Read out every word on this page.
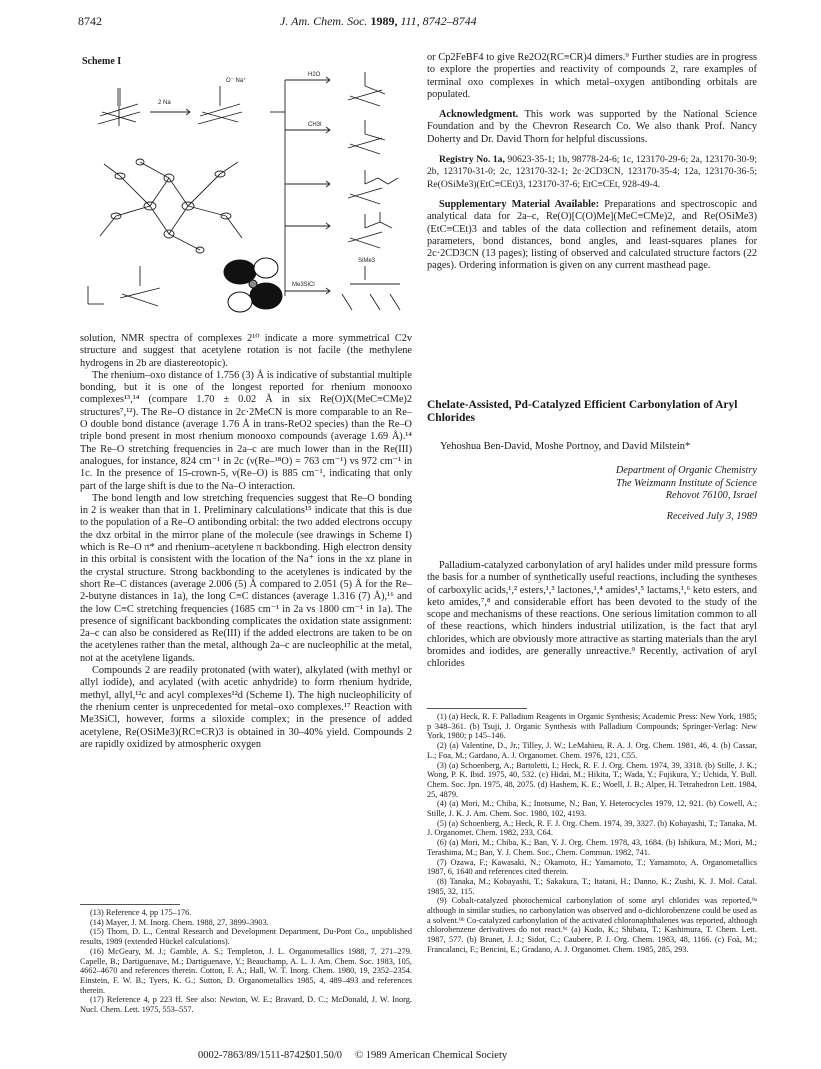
8742	J. Am. Chem. Soc. 1989, 111, 8742–8744
Scheme I
2 Na
O⁻ Na⁺
H2O
CH3I
Me3SiCl
SiMe3

solution, NMR spectra of complexes 2¹⁰ indicate a more symmetrical C2v structure and suggest that acetylene rotation is not facile (the methylene hydrogens in 2b are diastereotopic).

The rhenium–oxo distance of 1.756 (3) Å is indicative of substantial multiple bonding, but it is one of the longest reported for rhenium monooxo complexes¹³,¹⁴ (compare 1.70 ± 0.02 Å in six Re(O)X(MeC≡CMe)2 structures⁷,¹²). The Re–O distance in 2c·2MeCN is more comparable to an Re–O double bond distance (average 1.76 Å in trans-ReO2 species) than the Re–O triple bond present in most rhenium monooxo compounds (average 1.69 Å).¹⁴ The Re–O stretching frequencies in 2a–c are much lower than in the Re(III) analogues, for instance, 824 cm⁻¹ in 2c (ν(Re–¹⁸O) = 763 cm⁻¹) vs 972 cm⁻¹ in 1c. In the presence of 15-crown-5, ν(Re–O) is 885 cm⁻¹, indicating that only part of the large shift is due to the Na–O interaction.

The bond length and low stretching frequencies suggest that Re–O bonding in 2 is weaker than that in 1. Preliminary calculations¹⁵ indicate that this is due to the population of a Re–O antibonding orbital: the two added electrons occupy the dxz orbital in the mirror plane of the molecule (see drawings in Scheme I) which is Re–O π* and rhenium–acetylene π backbonding. High electron density in this orbital is consistent with the location of the Na⁺ ions in the xz plane in the crystal structure. Strong backbonding to the acetylenes is indicated by the short Re–C distances (average 2.006 (5) Å compared to 2.051 (5) Å for the Re–2-butyne distances in 1a), the long C≡C distances (average 1.316 (7) Å),¹⁶ and the low C≡C stretching frequencies (1685 cm⁻¹ in 2a vs 1800 cm⁻¹ in 1a). The presence of significant backbonding complicates the oxidation state assignment: 2a–c can also be considered as Re(III) if the added electrons are taken to be on the acetylenes rather than the metal, although 2a–c are nucleophilic at the metal, not at the acetylene ligands.

Compounds 2 are readily protonated (with water), alkylated (with methyl or allyl iodide), and acylated (with acetic anhydride) to form rhenium hydride, methyl, allyl,¹²c and acyl complexes¹²d (Scheme I). The high nucleophilicity of the rhenium center is unprecedented for metal–oxo complexes.¹⁷ Reaction with Me3SiCl, however, forms a siloxide complex; in the presence of added acetylene, Re(OSiMe3)(RC≡CR)3 is obtained in 30–40% yield. Compounds 2 are rapidly oxidized by atmospheric oxygen

(13) Reference 4, pp 175–176.

(14) Mayer, J. M. Inorg. Chem. 1988, 27, 3899–3903.

(15) Thorn, D. L., Central Research and Development Department, Du-Pont Co., unpublished results, 1989 (extended Hückel calculations).

(16) McGeary, M. J.; Gamble, A. S.; Templeton, J. L. Organometallics 1988, 7, 271–279. Capelle, B.; Dartiguenave, M.; Dartiguenave, Y.; Beauchamp, A. L. J. Am. Chem. Soc. 1983, 105, 4662–4670 and references therein. Cotton, F. A.; Hall, W. T. Inorg. Chem. 1980, 19, 2352–2354. Einstein, F. W. B.; Tyers, K. G.; Sutton, D. Organometallics 1985, 4, 489–493 and references therein.

(17) Reference 4, p 223 ff. See also: Newton, W. E.; Bravard, D. C.; McDonald, J. W. Inorg. Nucl. Chem. Lett. 1975, 553–557.

or Cp2FeBF4 to give Re2O2(RC≡CR)4 dimers.⁹ Further studies are in progress to explore the properties and reactivity of compounds 2, rare examples of terminal oxo complexes in which metal–oxygen antibonding orbitals are populated.

Acknowledgment. This work was supported by the National Science Foundation and by the Chevron Research Co. We also thank Prof. Nancy Doherty and Dr. David Thorn for helpful discussions.

Registry No. 1a, 90623-35-1; 1b, 98778-24-6; 1c, 123170-29-6; 2a, 123170-30-9; 2b, 123170-31-0; 2c, 123170-32-1; 2c·2CD3CN, 123170-35-4; 12a, 123170-36-5; Re(OSiMe3)(EtC≡CEt)3, 123170-37-6; EtC≡CEt, 928-49-4.

Supplementary Material Available: Preparations and spectroscopic and analytical data for 2a–c, Re(O)[C(O)Me](MeC≡CMe)2, and Re(OSiMe3)(EtC≡CEt)3 and tables of the data collection and refinement details, atom parameters, bond distances, bond angles, and least-squares planes for 2c·2CD3CN (13 pages); listing of observed and calculated structure factors (22 pages). Ordering information is given on any current masthead page.

Chelate-Assisted, Pd-Catalyzed Efficient Carbonylation of Aryl Chlorides
Yehoshua Ben-David, Moshe Portnoy, and David Milstein*
Department of Organic Chemistry
The Weizmann Institute of Science
Rehovot 76100, Israel
Received July 3, 1989

Palladium-catalyzed carbonylation of aryl halides under mild pressure forms the basis for a number of synthetically useful reactions, including the syntheses of carboxylic acids,¹,² esters,¹,³ lactones,¹,⁴ amides¹,⁵ lactams,¹,⁶ keto esters, and keto amides,⁷,⁸ and considerable effort has been devoted to the study of the scope and mechanisms of these reactions. One serious limitation common to all of these reactions, which hinders industrial utilization, is the fact that aryl chlorides, which are obviously more attractive as starting materials than the aryl bromides and iodides, are generally unreactive.⁹ Recently, activation of aryl chlorides

(1) (a) Heck, R. F. Palladium Reagents in Organic Synthesis; Academic Press: New York, 1985; p 348–361. (b) Tsuji, J. Organic Synthesis with Palladium Compounds; Springer-Verlag: New York, 1980; p 145–146.

(2) (a) Valentine, D., Jr.; Tilley, J. W.; LeMahieu, R. A. J. Org. Chem. 1981, 46, 4. (b) Cassar, L.; Foa, M.; Gardano, A. J. Organomet. Chem. 1976, 121, C55.

(3) (a) Schoenberg, A.; Bartoletti, I.; Heck, R. F. J. Org. Chem. 1974, 39, 3318. (b) Stille, J. K.; Wong, P. K. Ibid. 1975, 40, 532. (c) Hidai, M.; Hikita, T.; Wada, Y.; Fujikura, Y.; Uchida, Y. Bull. Chem. Soc. Jpn. 1975, 48, 2075. (d) Hashem, K. E.; Woell, J. B.; Alper, H. Tetrahedron Lett. 1984, 25, 4879.

(4) (a) Mori, M.; Chiba, K.; Inotsume, N.; Ban, Y. Heterocycles 1979, 12, 921. (b) Cowell, A.; Stille, J. K. J. Am. Chem. Soc. 1980, 102, 4193.

(5) (a) Schoenberg, A.; Heck, R. F. J. Org. Chem. 1974, 39, 3327. (b) Kobayashi, T.; Tanaka, M. J. Organomet. Chem. 1982, 233, C64.

(6) (a) Mori, M.; Chiba, K.; Ban, Y. J. Org. Chem. 1978, 43, 1684. (b) Ishikura, M.; Mori, M.; Terashima, M.; Ban, Y. J. Chem. Soc., Chem. Commun. 1982, 741.

(7) Ozawa, F.; Kawasaki, N.; Okamoto, H.; Yamamoto, T.; Yamamoto, A. Organometallics 1987, 6, 1640 and references cited therein.

(8) Tanaka, M.; Kobayashi, T.; Sakakura, T.; Itatani, H.; Danno, K.; Zushi, K. J. Mol. Catal. 1985, 32, 115.

(9) Cobalt-catalyzed photochemical carbonylation of some aryl chlorides was reported,⁹ᵃ although in similar studies, no carbonylation was observed and o-dichlorobenzene could be used as a solvent.⁹ᵇ Co-catalyzed carbonylation of the activated chloronaphthalenes was reported, although chlorobenzene derivatives do not react.⁹ᶜ (a) Kudo, K.; Shibata, T.; Kashimura, T. Chem. Lett. 1987, 577. (b) Brunet, J. J.; Sidot, C.; Caubere, P. J. Org. Chem. 1983, 48, 1166. (c) Foà, M.; Francalanci, F.; Bencini, E.; Gradano, A. J. Organomet. Chem. 1985, 285, 293.

0002-7863/89/1511-8742$01.50/0 © 1989 American Chemical Society
